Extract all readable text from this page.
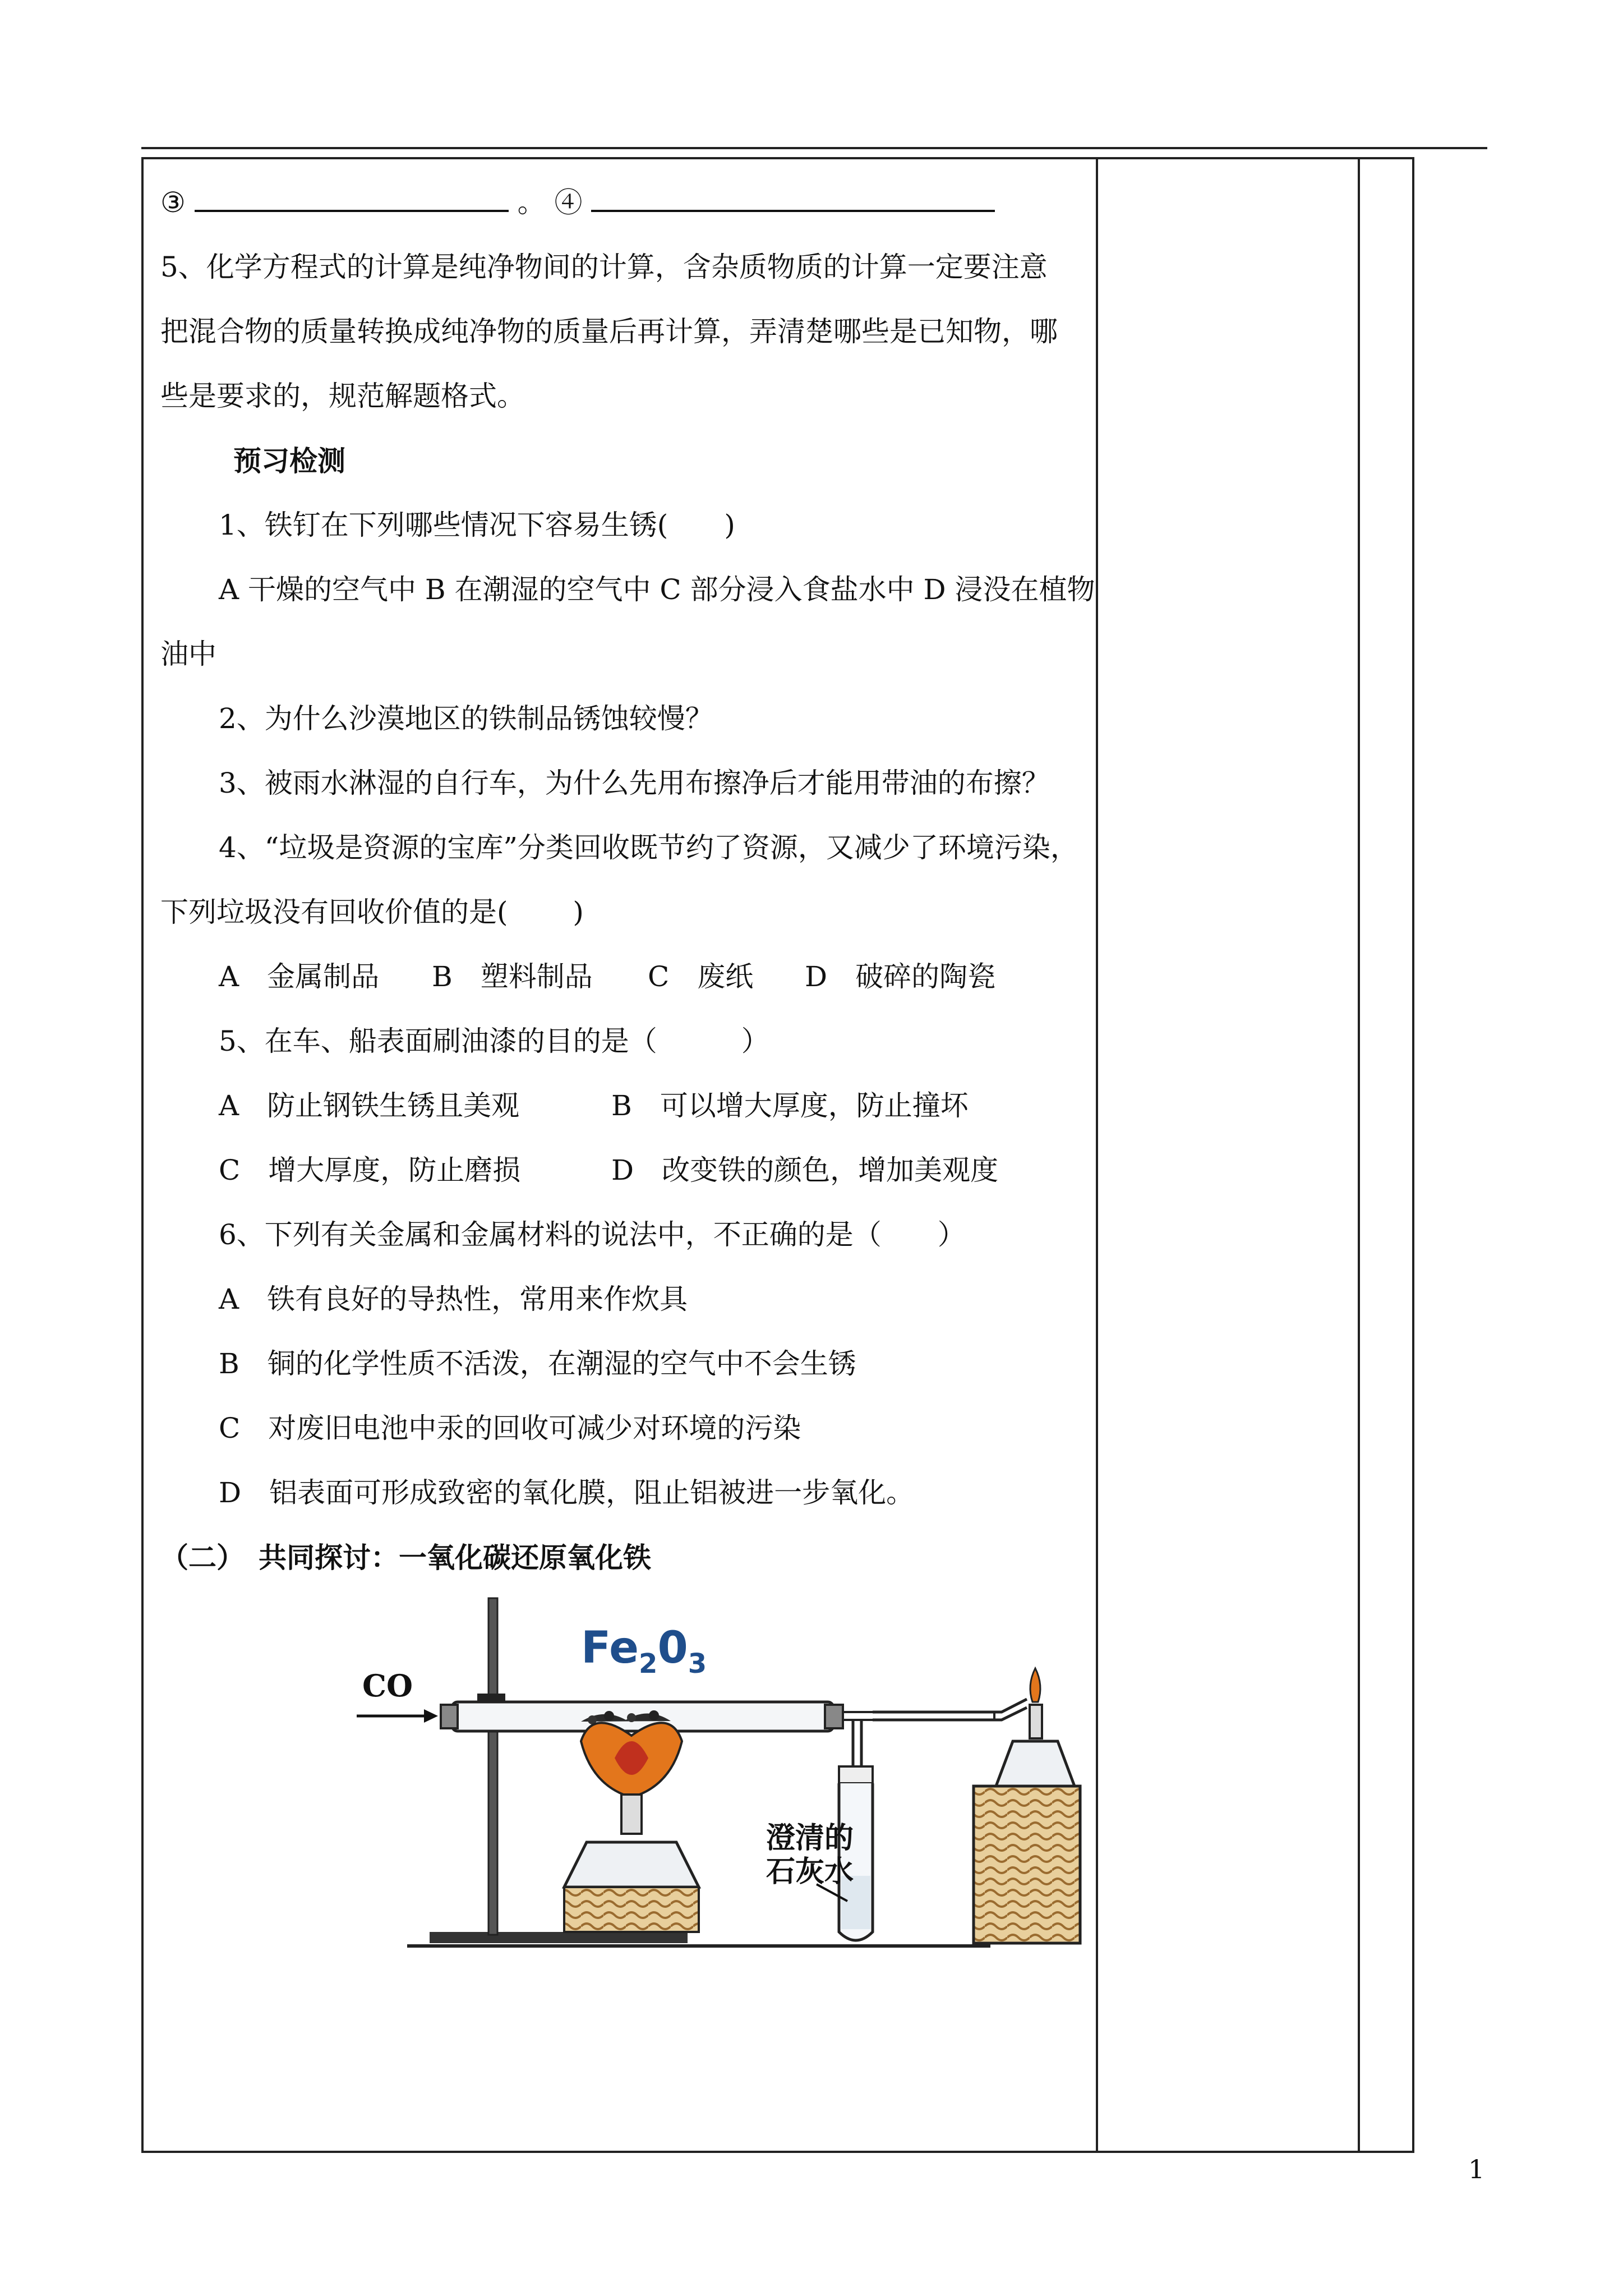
③	。 ④
5、化学方程式的计算是纯净物间的计算，含杂质物质的计算一定要注意
把混合物的质量转换成纯净物的质量后再计算，弄清楚哪些是已知物，哪
些是要求的，规范解题格式。
预习检测
1、铁钉在下列哪些情况下容易生锈(　　)
A 干燥的空气中 B 在潮湿的空气中 C 部分浸入食盐水中 D 浸没在植物
油中
2、为什么沙漠地区的铁制品锈蚀较慢？
3、被雨水淋湿的自行车，为什么先用布擦净后才能用带油的布擦？
4、“垃圾是资源的宝库”分类回收既节约了资源，又减少了环境污染，
下列垃圾没有回收价值的是(　　 )
A　金属制品 B　塑料制品 C　废纸 D　破碎的陶瓷
5、在车、船表面刷油漆的目的是（　　　）
A　防止钢铁生锈且美观	B　可以增大厚度，防止撞坏
C　增大厚度，防止磨损	D　改变铁的颜色，增加美观度
6、下列有关金属和金属材料的说法中，不正确的是（　　）
A　铁有良好的导热性，常用来作炊具
B　铜的化学性质不活泼，在潮湿的空气中不会生锈
C　对废旧电池中汞的回收可减少对环境的污染
D　铝表面可形成致密的氧化膜，阻止铝被进一步氧化。
（二）　共同探讨：一氧化碳还原氧化铁
CO
$Fe_20_3$
澄清的
石灰水
1
